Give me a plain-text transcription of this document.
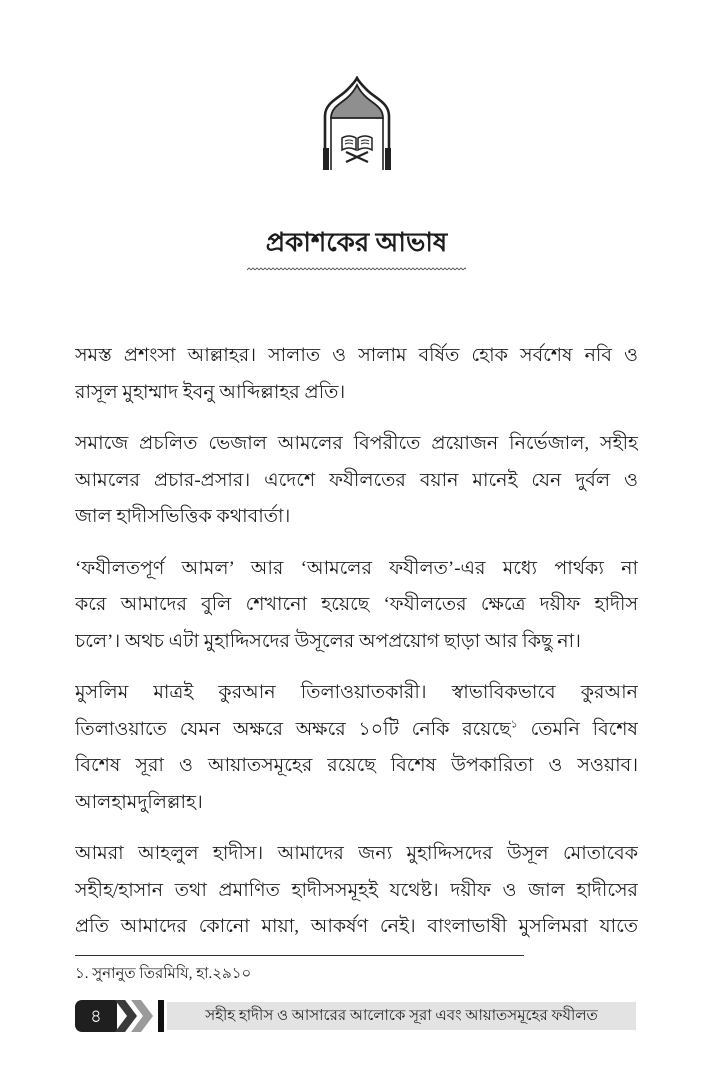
প্রকাশকের আভাষ
সমস্ত প্রশংসা আল্লাহর। সালাত ও সালাম বর্ষিত হোক সর্বশেষ নবি ও
রাসূল মুহাম্মাদ ইবনু আব্দিল্লাহর প্রতি।
সমাজে প্রচলিত ভেজাল আমলের বিপরীতে প্রয়োজন নির্ভেজাল, সহীহ
আমলের প্রচার-প্রসার। এদেশে ফযীলতের বয়ান মানেই যেন দুর্বল ও
জাল হাদীসভিত্তিক কথাবার্তা।
‘ফযীলতপূর্ণ আমল’ আর ‘আমলের ফযীলত’-এর মধ্যে পার্থক্য না
করে আমাদের বুলি শেখানো হয়েছে ‘ফযীলতের ক্ষেত্রে দয়ীফ হাদীস
চলে’। অথচ এটা মুহাদ্দিসদের উসূলের অপপ্রয়োগ ছাড়া আর কিছু না।
মুসলিম মাত্রই কুরআন তিলাওয়াতকারী। স্বাভাবিকভাবে কুরআন
তিলাওয়াতে যেমন অক্ষরে অক্ষরে ১০টি নেকি রয়েছে$^১$ তেমনি বিশেষ
বিশেষ সূরা ও আয়াতসমূহের রয়েছে বিশেষ উপকারিতা ও সওয়াব।
আলহামদুলিল্লাহ।
আমরা আহলুল হাদীস। আমাদের জন্য মুহাদ্দিসদের উসূল মোতাবেক
সহীহ/হাসান তথা প্রমাণিত হাদীসসমূহই যথেষ্ট। দয়ীফ ও জাল হাদীসের
প্রতি আমাদের কোনো মায়া, আকর্ষণ নেই। বাংলাভাষী মুসলিমরা যাতে
১. সুনানুত তিরমিযি, হা.২৯১০
৪	সহীহ হাদীস ও আসারের আলোকে সূরা এবং আয়াতসমূহের ফযীলত
